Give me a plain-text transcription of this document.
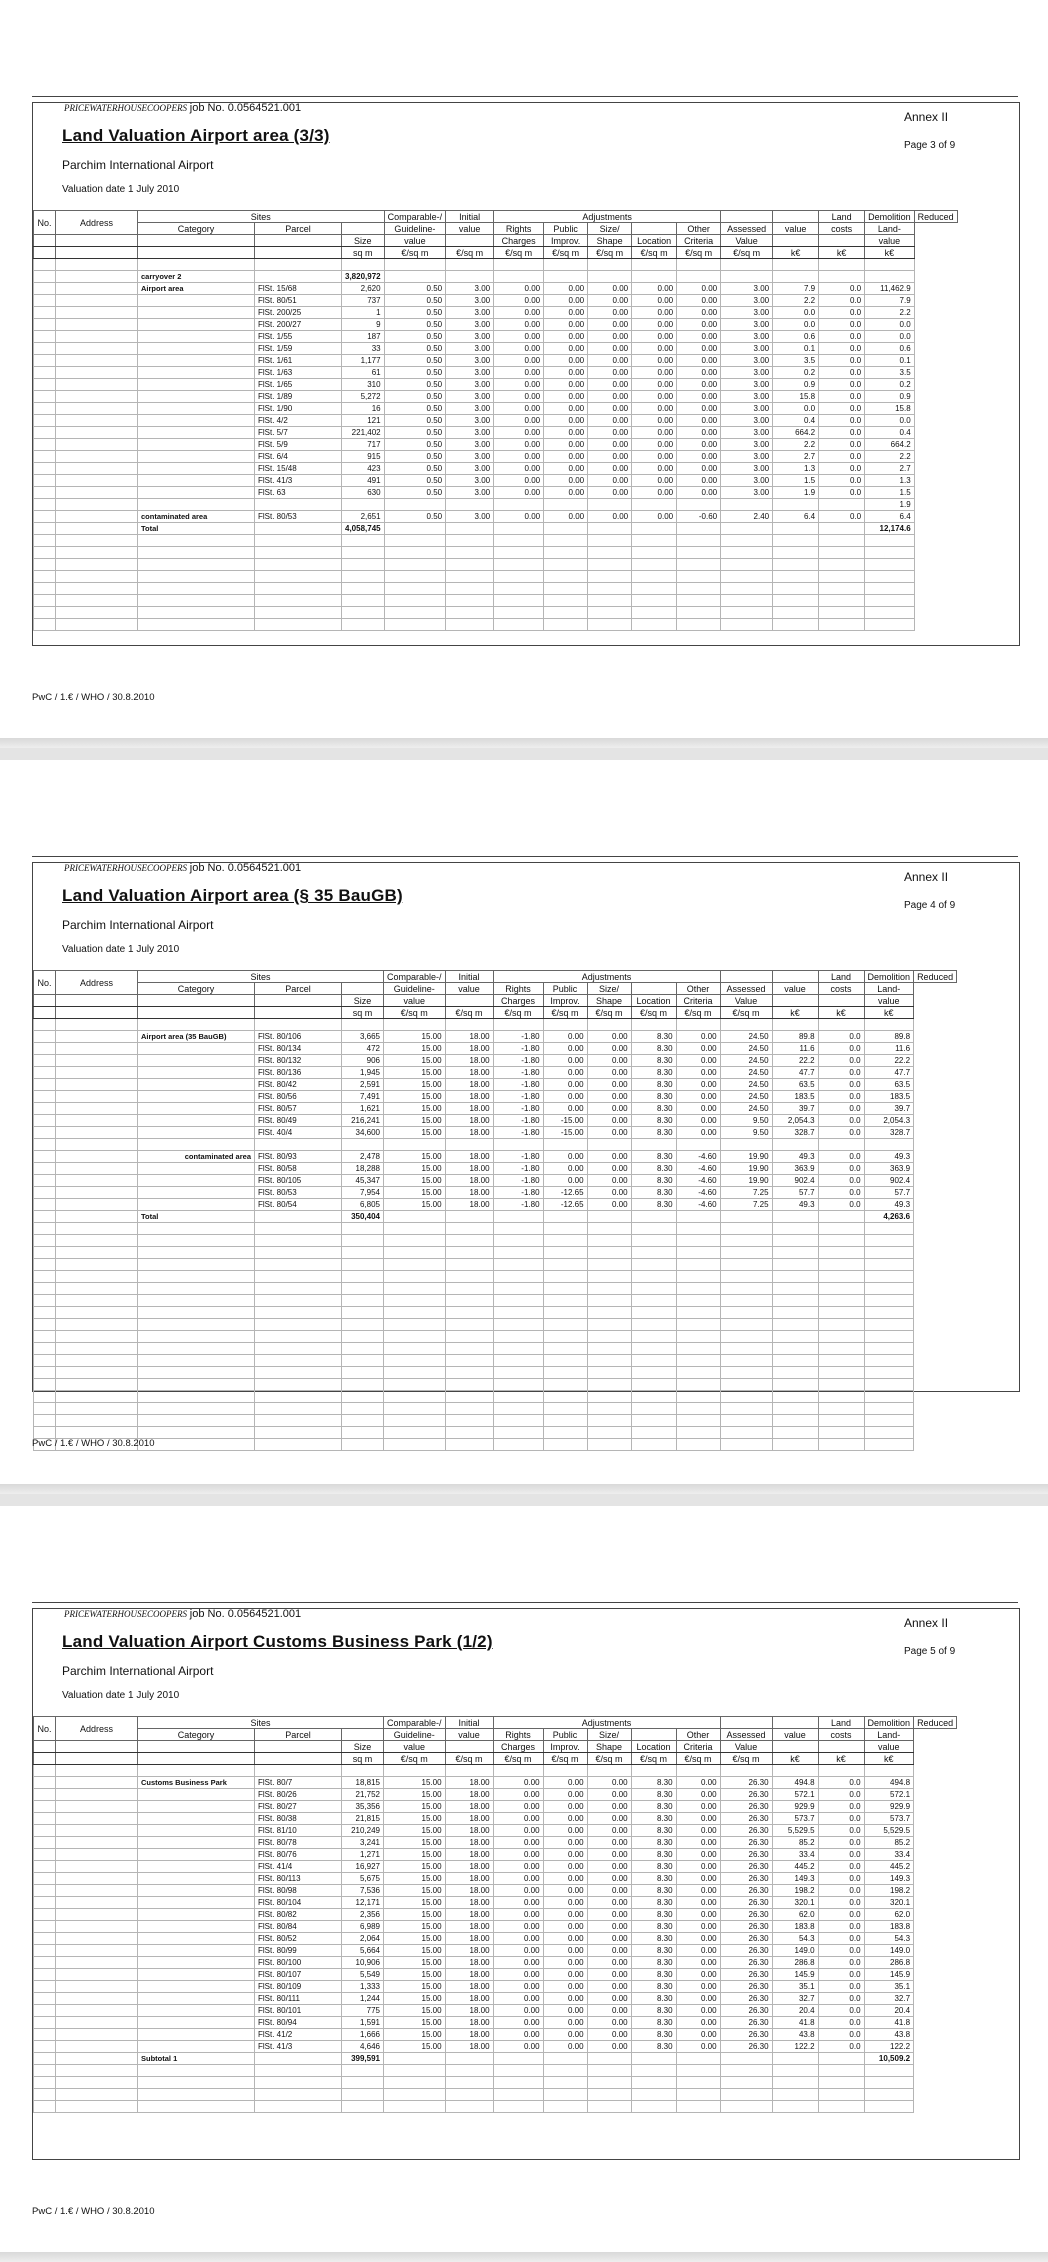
PRICEWATERHOUSECOOPERS job No. 0.0564521.001
Land Valuation Airport area (3/3)
Parchim International Airport
Valuation date 1 July 2010
Annex II
Page 3 of 9
No.	Address	Sites			Comparable-/	Initial	Adjustments							Land	Demolition	Reduced
		Category	Parcel		Guideline-	value	Rights	Public	Size/		Other	Assessed	value	costs	Land-	
				Size	value		Charges	Improv.	Shape	Location	Criteria	Value			value	
				sq m	€/sq m	€/sq m	€/sq m	€/sq m	€/sq m	€/sq m	€/sq m	€/sq m	k€	k€	k€	

		carryover 2		3,820,972												
		Airport area	FlSt. 15/68	2,620	0.50	3.00	0.00	0.00	0.00	0.00	0.00	3.00	7.9	0.0	11,462.9	
			FlSt. 80/51	737	0.50	3.00	0.00	0.00	0.00	0.00	0.00	3.00	2.2	0.0	7.9	
			FlSt. 200/25	1	0.50	3.00	0.00	0.00	0.00	0.00	0.00	3.00	0.0	0.0	2.2	
			FlSt. 200/27	9	0.50	3.00	0.00	0.00	0.00	0.00	0.00	3.00	0.0	0.0	0.0	
			FlSt. 1/55	187	0.50	3.00	0.00	0.00	0.00	0.00	0.00	3.00	0.6	0.0	0.0	
			FlSt. 1/59	33	0.50	3.00	0.00	0.00	0.00	0.00	0.00	3.00	0.1	0.0	0.6	
			FlSt. 1/61	1,177	0.50	3.00	0.00	0.00	0.00	0.00	0.00	3.00	3.5	0.0	0.1	
			FlSt. 1/63	61	0.50	3.00	0.00	0.00	0.00	0.00	0.00	3.00	0.2	0.0	3.5	
			FlSt. 1/65	310	0.50	3.00	0.00	0.00	0.00	0.00	0.00	3.00	0.9	0.0	0.2	
			FlSt. 1/89	5,272	0.50	3.00	0.00	0.00	0.00	0.00	0.00	3.00	15.8	0.0	0.9	
			FlSt. 1/90	16	0.50	3.00	0.00	0.00	0.00	0.00	0.00	3.00	0.0	0.0	15.8	
			FlSt. 4/2	121	0.50	3.00	0.00	0.00	0.00	0.00	0.00	3.00	0.4	0.0	0.0	
			FlSt. 5/7	221,402	0.50	3.00	0.00	0.00	0.00	0.00	0.00	3.00	664.2	0.0	0.4	
			FlSt. 5/9	717	0.50	3.00	0.00	0.00	0.00	0.00	0.00	3.00	2.2	0.0	664.2	
			FlSt. 6/4	915	0.50	3.00	0.00	0.00	0.00	0.00	0.00	3.00	2.7	0.0	2.2	
			FlSt. 15/48	423	0.50	3.00	0.00	0.00	0.00	0.00	0.00	3.00	1.3	0.0	2.7	
			FlSt. 41/3	491	0.50	3.00	0.00	0.00	0.00	0.00	0.00	3.00	1.5	0.0	1.3	
			FlSt. 63	630	0.50	3.00	0.00	0.00	0.00	0.00	0.00	3.00	1.9	0.0	1.5	
															1.9	
		contaminated area	FlSt. 80/53	2,651	0.50	3.00	0.00	0.00	0.00	0.00	-0.60	2.40	6.4	0.0	6.4	
		Total		4,058,745											12,174.6	

PwC / 1.€ / WHO / 30.8.2010
PRICEWATERHOUSECOOPERS job No. 0.0564521.001
Land Valuation Airport area (§ 35 BauGB)
Parchim International Airport
Valuation date 1 July 2010
Annex II
Page 4 of 9
No.	Address	Sites			Comparable-/	Initial	Adjustments							Land	Demolition	Reduced
		Category	Parcel		Guideline-	value	Rights	Public	Size/		Other	Assessed	value	costs	Land-	
				Size	value		Charges	Improv.	Shape	Location	Criteria	Value			value	
				sq m	€/sq m	€/sq m	€/sq m	€/sq m	€/sq m	€/sq m	€/sq m	€/sq m	k€	k€	k€	

		Airport area (35 BauGB)	FlSt. 80/106	3,665	15.00	18.00	-1.80	0.00	0.00	8.30	0.00	24.50	89.8	0.0	89.8	
			FlSt. 80/134	472	15.00	18.00	-1.80	0.00	0.00	8.30	0.00	24.50	11.6	0.0	11.6	
			FlSt. 80/132	906	15.00	18.00	-1.80	0.00	0.00	8.30	0.00	24.50	22.2	0.0	22.2	
			FlSt. 80/136	1,945	15.00	18.00	-1.80	0.00	0.00	8.30	0.00	24.50	47.7	0.0	47.7	
			FlSt. 80/42	2,591	15.00	18.00	-1.80	0.00	0.00	8.30	0.00	24.50	63.5	0.0	63.5	
			FlSt. 80/56	7,491	15.00	18.00	-1.80	0.00	0.00	8.30	0.00	24.50	183.5	0.0	183.5	
			FlSt. 80/57	1,621	15.00	18.00	-1.80	0.00	0.00	8.30	0.00	24.50	39.7	0.0	39.7	
			FlSt. 80/49	216,241	15.00	18.00	-1.80	-15.00	0.00	8.30	0.00	9.50	2,054.3	0.0	2,054.3	
			FlSt. 40/4	34,600	15.00	18.00	-1.80	-15.00	0.00	8.30	0.00	9.50	328.7	0.0	328.7	

		contaminated area	FlSt. 80/93	2,478	15.00	18.00	-1.80	0.00	0.00	8.30	-4.60	19.90	49.3	0.0	49.3	
			FlSt. 80/58	18,288	15.00	18.00	-1.80	0.00	0.00	8.30	-4.60	19.90	363.9	0.0	363.9	
			FlSt. 80/105	45,347	15.00	18.00	-1.80	0.00	0.00	8.30	-4.60	19.90	902.4	0.0	902.4	
			FlSt. 80/53	7,954	15.00	18.00	-1.80	-12.65	0.00	8.30	-4.60	7.25	57.7	0.0	57.7	
			FlSt. 80/54	6,805	15.00	18.00	-1.80	-12.65	0.00	8.30	-4.60	7.25	49.3	0.0	49.3	
		Total		350,404											4,263.6	

PwC / 1.€ / WHO / 30.8.2010
PRICEWATERHOUSECOOPERS job No. 0.0564521.001
Land Valuation Airport Customs Business Park (1/2)
Parchim International Airport
Valuation date 1 July 2010
Annex II
Page 5 of 9
No.	Address	Sites			Comparable-/	Initial	Adjustments							Land	Demolition	Reduced
		Category	Parcel		Guideline-	value	Rights	Public	Size/		Other	Assessed	value	costs	Land-	
				Size	value		Charges	Improv.	Shape	Location	Criteria	Value			value	
				sq m	€/sq m	€/sq m	€/sq m	€/sq m	€/sq m	€/sq m	€/sq m	€/sq m	k€	k€	k€	

		Customs Business Park	FlSt. 80/7	18,815	15.00	18.00	0.00	0.00	0.00	8.30	0.00	26.30	494.8	0.0	494.8	
			FlSt. 80/26	21,752	15.00	18.00	0.00	0.00	0.00	8.30	0.00	26.30	572.1	0.0	572.1	
			FlSt. 80/27	35,356	15.00	18.00	0.00	0.00	0.00	8.30	0.00	26.30	929.9	0.0	929.9	
			FlSt. 80/38	21,815	15.00	18.00	0.00	0.00	0.00	8.30	0.00	26.30	573.7	0.0	573.7	
			FlSt. 81/10	210,249	15.00	18.00	0.00	0.00	0.00	8.30	0.00	26.30	5,529.5	0.0	5,529.5	
			FlSt. 80/78	3,241	15.00	18.00	0.00	0.00	0.00	8.30	0.00	26.30	85.2	0.0	85.2	
			FlSt. 80/76	1,271	15.00	18.00	0.00	0.00	0.00	8.30	0.00	26.30	33.4	0.0	33.4	
			FlSt. 41/4	16,927	15.00	18.00	0.00	0.00	0.00	8.30	0.00	26.30	445.2	0.0	445.2	
			FlSt. 80/113	5,675	15.00	18.00	0.00	0.00	0.00	8.30	0.00	26.30	149.3	0.0	149.3	
			FlSt. 80/98	7,536	15.00	18.00	0.00	0.00	0.00	8.30	0.00	26.30	198.2	0.0	198.2	
			FlSt. 80/104	12,171	15.00	18.00	0.00	0.00	0.00	8.30	0.00	26.30	320.1	0.0	320.1	
			FlSt. 80/82	2,356	15.00	18.00	0.00	0.00	0.00	8.30	0.00	26.30	62.0	0.0	62.0	
			FlSt. 80/84	6,989	15.00	18.00	0.00	0.00	0.00	8.30	0.00	26.30	183.8	0.0	183.8	
			FlSt. 80/52	2,064	15.00	18.00	0.00	0.00	0.00	8.30	0.00	26.30	54.3	0.0	54.3	
			FlSt. 80/99	5,664	15.00	18.00	0.00	0.00	0.00	8.30	0.00	26.30	149.0	0.0	149.0	
			FlSt. 80/100	10,906	15.00	18.00	0.00	0.00	0.00	8.30	0.00	26.30	286.8	0.0	286.8	
			FlSt. 80/107	5,549	15.00	18.00	0.00	0.00	0.00	8.30	0.00	26.30	145.9	0.0	145.9	
			FlSt. 80/109	1,333	15.00	18.00	0.00	0.00	0.00	8.30	0.00	26.30	35.1	0.0	35.1	
			FlSt. 80/111	1,244	15.00	18.00	0.00	0.00	0.00	8.30	0.00	26.30	32.7	0.0	32.7	
			FlSt. 80/101	775	15.00	18.00	0.00	0.00	0.00	8.30	0.00	26.30	20.4	0.0	20.4	
			FlSt. 80/94	1,591	15.00	18.00	0.00	0.00	0.00	8.30	0.00	26.30	41.8	0.0	41.8	
			FlSt. 41/2	1,666	15.00	18.00	0.00	0.00	0.00	8.30	0.00	26.30	43.8	0.0	43.8	
			FlSt. 41/3	4,646	15.00	18.00	0.00	0.00	0.00	8.30	0.00	26.30	122.2	0.0	122.2	
		Subtotal 1		399,591											10,509.2	

PwC / 1.€ / WHO / 30.8.2010
